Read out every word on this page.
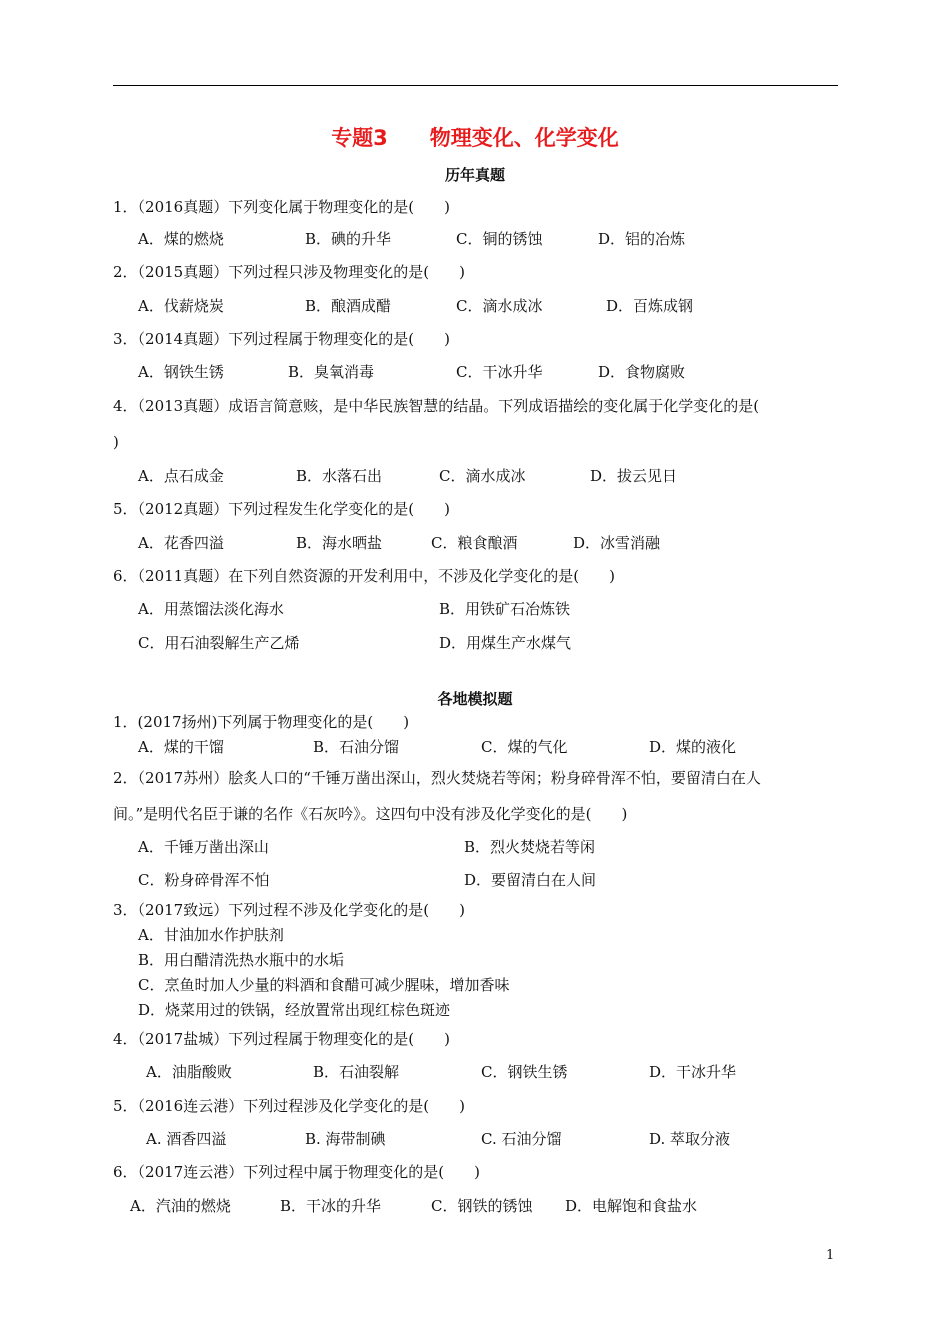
专题3　　物理变化、化学变化
历年真题
1．（2016真题）下列变化属于物理变化的是(　　)
A．煤的燃烧	B．碘的升华	C．铜的锈蚀	D．铝的冶炼
2．（2015真题）下列过程只涉及物理变化的是(　　)
A．伐薪烧炭	B．酿酒成醋	C．滴水成冰	D．百炼成钢
3．（2014真题）下列过程属于物理变化的是(　　)
A．钢铁生锈	B．臭氧消毒	C．干冰升华	D．食物腐败
4．（2013真题）成语言简意赅，是中华民族智慧的结晶。下列成语描绘的变化属于化学变化的是(
)
A．点石成金	B．水落石出	C．滴水成冰	D．拔云见日
5．（2012真题）下列过程发生化学变化的是(　　)
A．花香四溢	B．海水晒盐	C．粮食酿酒	D．冰雪消融
6．（2011真题）在下列自然资源的开发利用中，不涉及化学变化的是(　　)
A．用蒸馏法淡化海水	B．用铁矿石冶炼铁
C．用石油裂解生产乙烯	D．用煤生产水煤气
各地模拟题
1．(2017扬州)下列属于物理变化的是(　　)
A．煤的干馏	B．石油分馏	C．煤的气化	D．煤的液化
2．（2017苏州）脍炙人口的“千锤万凿出深山，烈火焚烧若等闲；粉身碎骨浑不怕，要留清白在人
间。”是明代名臣于谦的名作《石灰吟》。这四句中没有涉及化学变化的是(　　)
A．千锤万凿出深山	B．烈火焚烧若等闲
C．粉身碎骨浑不怕	D．要留清白在人间
3．（2017致远）下列过程不涉及化学变化的是(　　)
A．甘油加水作护肤剂
B．用白醋清洗热水瓶中的水垢
C．烹鱼时加人少量的料酒和食醋可减少腥味，增加香味
D．烧菜用过的铁锅，经放置常出现红棕色斑迹
4．（2017盐城）下列过程属于物理变化的是(　　)
A．油脂酸败	B．石油裂解	C．钢铁生锈	D．干冰升华
5．（2016连云港）下列过程涉及化学变化的是(　　)
A. 酒香四溢	B. 海带制碘	C. 石油分馏	D. 萃取分液
6．（2017连云港）下列过程中属于物理变化的是(　　)
A．汽油的燃烧	B．干冰的升华	C．钢铁的锈蚀 D．电解饱和食盐水
1
